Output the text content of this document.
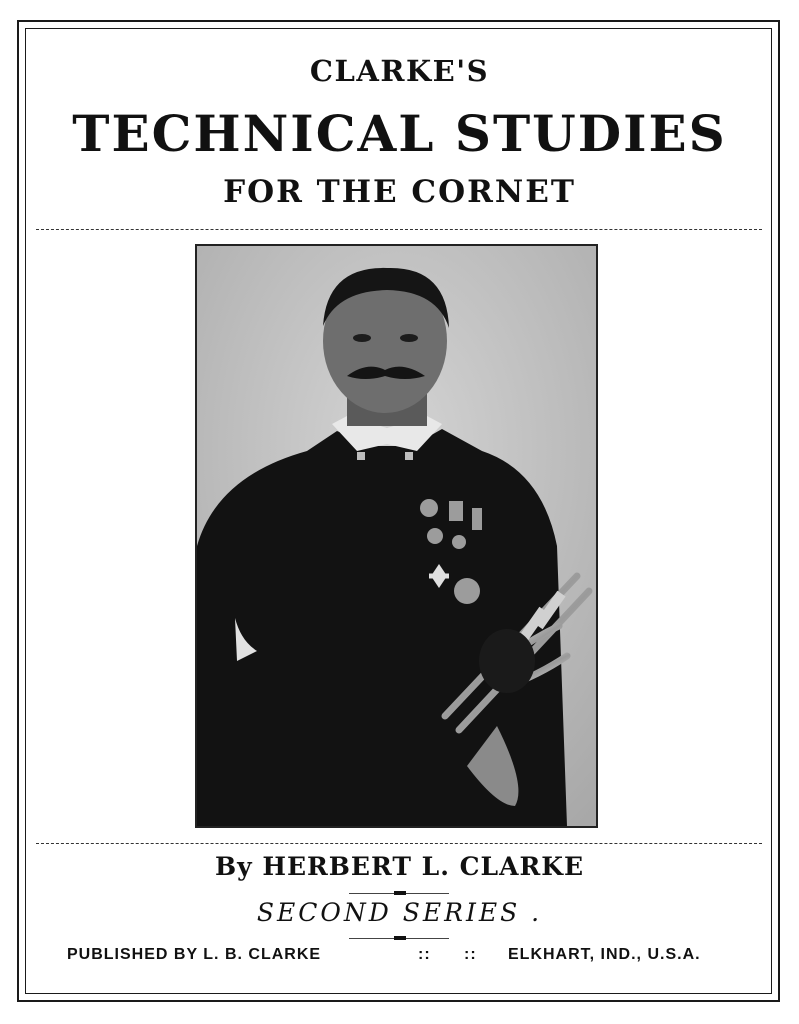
CLARKE'S
TECHNICAL STUDIES
FOR THE CORNET
By HERBERT L. CLARKE
SECOND SERIES .
PUBLISHED BY L. B. CLARKE	:: :: ELKHART, IND., U.S.A.
